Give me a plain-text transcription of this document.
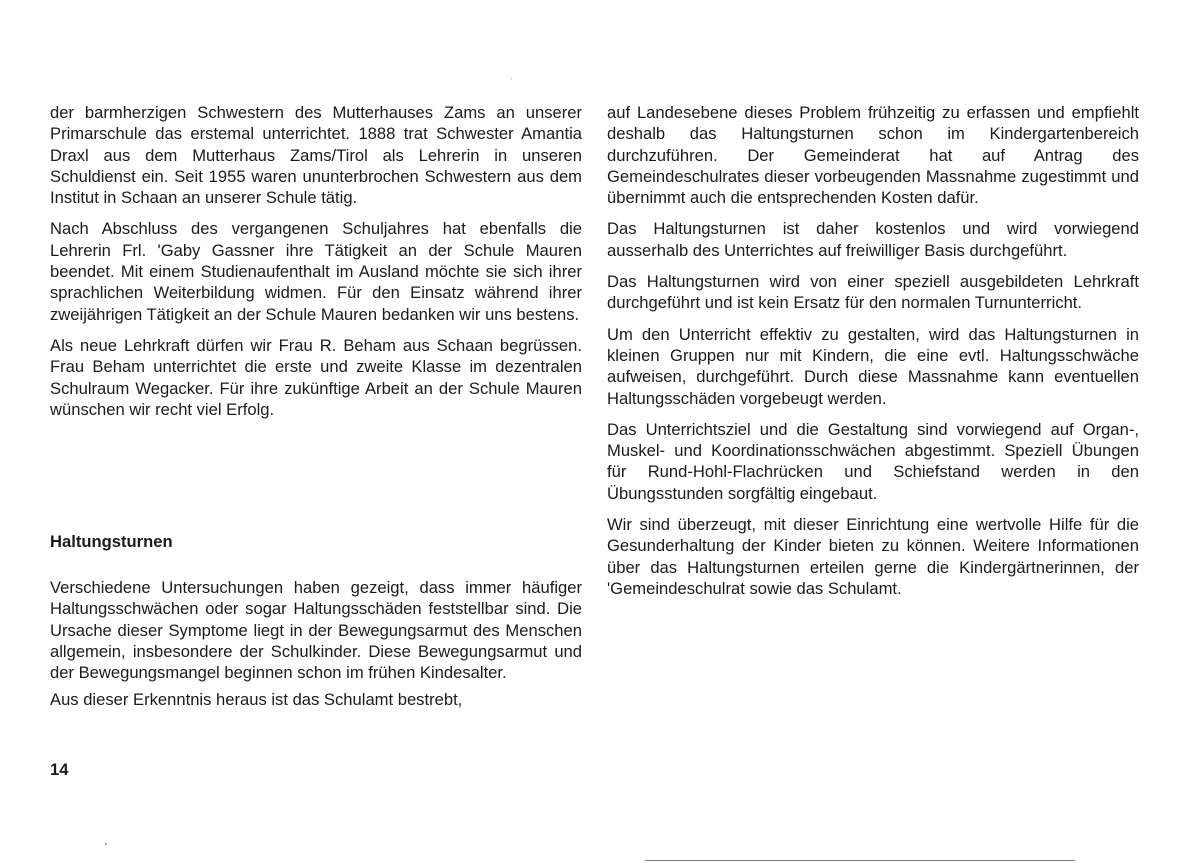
der barmherzigen Schwestern des Mutterhauses Zams an unserer Primarschule das erstemal unterrichtet. 1888 trat Schwester Amantia Draxl aus dem Mutterhaus Zams/Tirol als Lehrerin in unseren Schuldienst ein. Seit 1955 waren ununterbrochen Schwestern aus dem Institut in Schaan an unserer Schule tätig.

Nach Abschluss des vergangenen Schuljahres hat ebenfalls die Lehrerin Frl. 'Gaby Gassner ihre Tätigkeit an der Schule Mauren beendet. Mit einem Studienaufenthalt im Ausland möchte sie sich ihrer sprachlichen Weiterbildung widmen. Für den Einsatz während ihrer zweijährigen Tätigkeit an der Schule Mauren bedanken wir uns bestens.

Als neue Lehrkraft dürfen wir Frau R. Beham aus Schaan begrüssen. Frau Beham unterrichtet die erste und zweite Klasse im dezentralen Schulraum Wegacker. Für ihre zukünftige Arbeit an der Schule Mauren wünschen wir recht viel Erfolg.

Haltungsturnen

Verschiedene Untersuchungen haben gezeigt, dass immer häufiger Haltungsschwächen oder sogar Haltungsschäden feststellbar sind. Die Ursache dieser Symptome liegt in der Bewegungsarmut des Menschen allgemein, insbesondere der Schulkinder. Diese Bewegungsarmut und der Bewegungsmangel beginnen schon im frühen Kindesalter.

Aus dieser Erkenntnis heraus ist das Schulamt bestrebt,

auf Landesebene dieses Problem frühzeitig zu erfassen und empfiehlt deshalb das Haltungsturnen schon im Kindergartenbereich durchzuführen. Der Gemeinderat hat auf Antrag des Gemeindeschulrates dieser vorbeugenden Massnahme zugestimmt und übernimmt auch die entsprechenden Kosten dafür.

Das Haltungsturnen ist daher kostenlos und wird vorwiegend ausserhalb des Unterrichtes auf freiwilliger Basis durchgeführt.

Das Haltungsturnen wird von einer speziell ausgebildeten Lehrkraft durchgeführt und ist kein Ersatz für den normalen Turnunterricht.

Um den Unterricht effektiv zu gestalten, wird das Haltungsturnen in kleinen Gruppen nur mit Kindern, die eine evtl. Haltungsschwäche aufweisen, durchgeführt. Durch diese Massnahme kann eventuellen Haltungsschäden vorgebeugt werden.

Das Unterrichtsziel und die Gestaltung sind vorwiegend auf Organ-, Muskel- und Koordinationsschwächen abgestimmt. Speziell Übungen für Rund-Hohl-Flachrücken und Schiefstand werden in den Übungsstunden sorgfältig eingebaut.

Wir sind überzeugt, mit dieser Einrichtung eine wertvolle Hilfe für die Gesunderhaltung der Kinder bieten zu können. Weitere Informationen über das Haltungsturnen erteilen gerne die Kindergärtnerinnen, der 'Gemeindeschulrat sowie das Schulamt.

14
